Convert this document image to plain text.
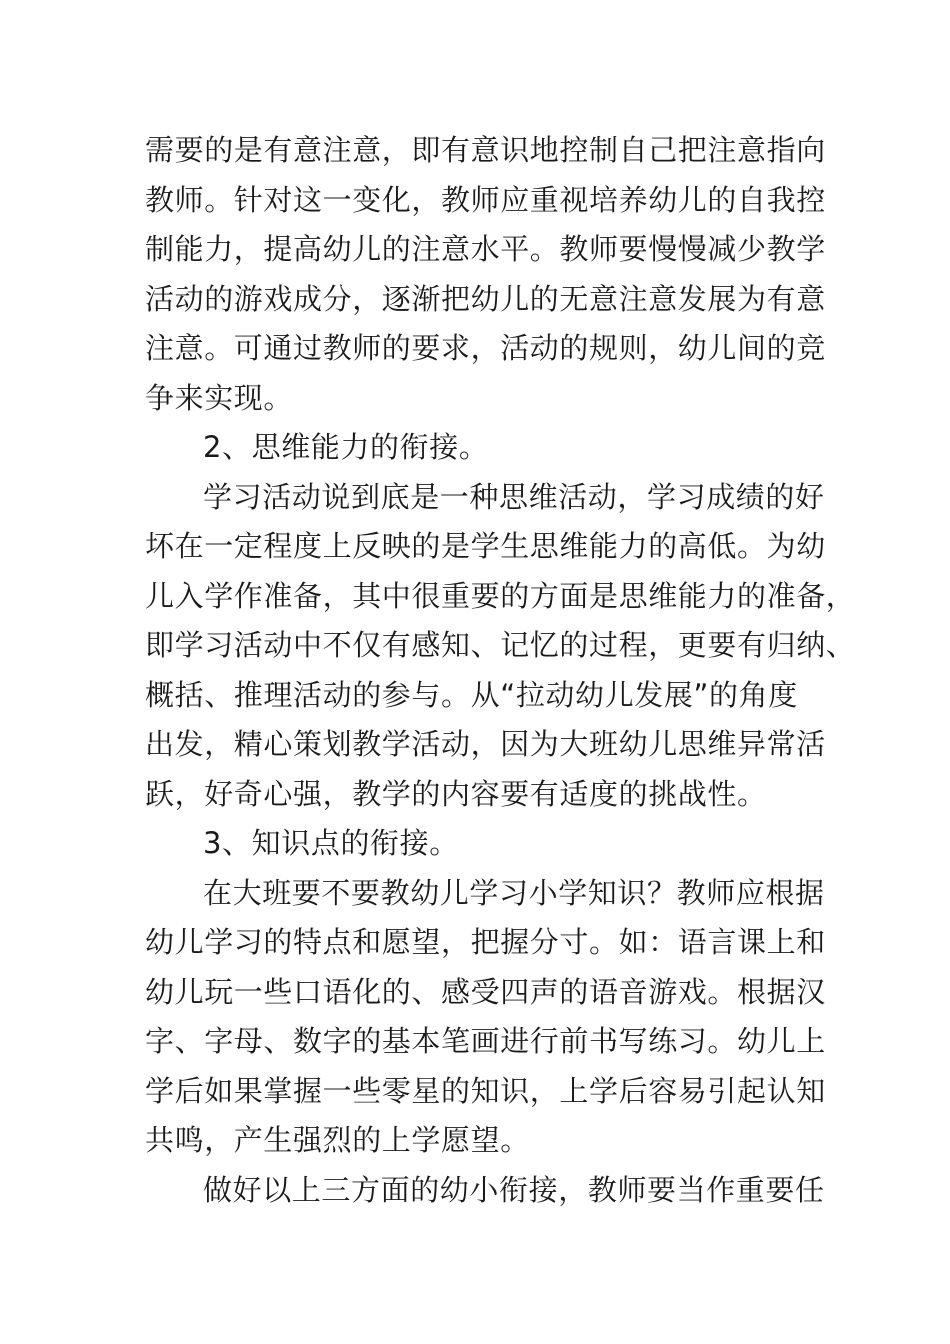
需要的是有意注意，即有意识地控制自己把注意指向
教师。针对这一变化，教师应重视培养幼儿的自我控
制能力，提高幼儿的注意水平。教师要慢慢减少教学
活动的游戏成分，逐渐把幼儿的无意注意发展为有意
注意。可通过教师的要求，活动的规则，幼儿间的竞
争来实现。
2、思维能力的衔接。
学习活动说到底是一种思维活动，学习成绩的好
坏在一定程度上反映的是学生思维能力的高低。为幼
儿入学作准备，其中很重要的方面是思维能力的准备，
即学习活动中不仅有感知、记忆的过程，更要有归纳、
概括、推理活动的参与。从“拉动幼儿发展”的角度
出发，精心策划教学活动，因为大班幼儿思维异常活
跃，好奇心强，教学的内容要有适度的挑战性。
3、知识点的衔接。
在大班要不要教幼儿学习小学知识？教师应根据
幼儿学习的特点和愿望，把握分寸。如：语言课上和
幼儿玩一些口语化的、感受四声的语音游戏。根据汉
字、字母、数字的基本笔画进行前书写练习。幼儿上
学后如果掌握一些零星的知识，上学后容易引起认知
共鸣，产生强烈的上学愿望。
做好以上三方面的幼小衔接，教师要当作重要任
